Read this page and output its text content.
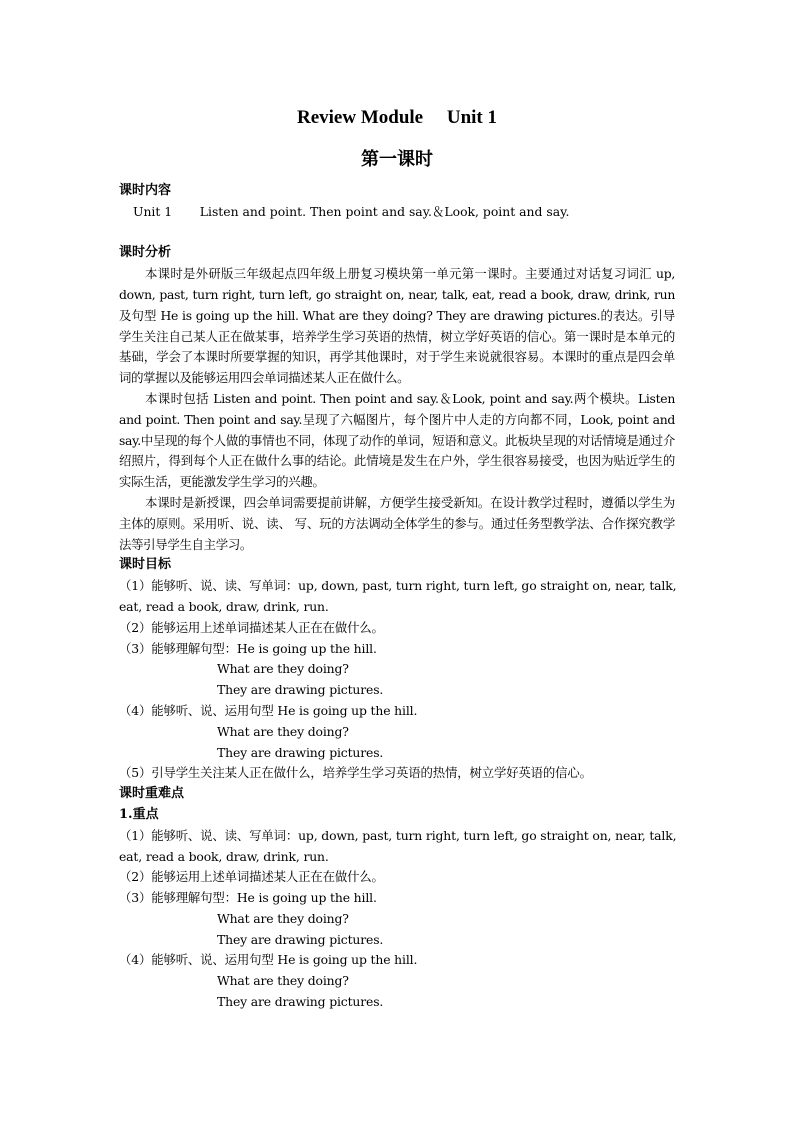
Review Module     Unit 1
第一课时
课时内容
Unit 1       Listen and point. Then point and say.＆Look, point and say.
课时分析
本课时是外研版三年级起点四年级上册复习模块第一单元第一课时。主要通过对话复习词汇 up, down, past, turn right, turn left, go straight on, near, talk, eat, read a book, draw, drink, run及句型 He is going up the hill. What are they doing? They are drawing pictures.的表达。引导学生关注自己某人正在做某事，培养学生学习英语的热情，树立学好英语的信心。第一课时是本单元的基础，学会了本课时所要掌握的知识，再学其他课时，对于学生来说就很容易。本课时的重点是四会单词的掌握以及能够运用四会单词描述某人正在做什么。
本课时包括 Listen and point. Then point and say.＆Look, point and say.两个模块。Listen and point. Then point and say.呈现了六幅图片，每个图片中人走的方向都不同，Look, point and say.中呈现的每个人做的事情也不同，体现了动作的单词，短语和意义。此板块呈现的对话情境是通过介绍照片，得到每个人正在做什么事的结论。此情境是发生在户外，学生很容易接受，也因为贴近学生的实际生活，更能激发学生学习的兴趣。
本课时是新授课，四会单词需要提前讲解，方便学生接受新知。在设计教学过程时，遵循以学生为主体的原则。采用听、说、读、 写、玩的方法调动全体学生的参与。通过任务型教学法、合作探究教学法等引导学生自主学习。
课时目标
（1）能够听、说、读、写单词：up, down, past, turn right, turn left, go straight on, near, talk,
eat, read a book, draw, drink, run.
（2）能够运用上述单词描述某人正在在做什么。
（3）能够理解句型：He is going up the hill.
What are they doing?
They are drawing pictures.
（4）能够听、说、运用句型 He is going up the hill.
What are they doing?
They are drawing pictures.
（5）引导学生关注某人正在做什么，培养学生学习英语的热情，树立学好英语的信心。
课时重难点
1.重点
（1）能够听、说、读、写单词：up, down, past, turn right, turn left, go straight on, near, talk,
eat, read a book, draw, drink, run.
（2）能够运用上述单词描述某人正在在做什么。
（3）能够理解句型：He is going up the hill.
What are they doing?
They are drawing pictures.
（4）能够听、说、运用句型 He is going up the hill.
What are they doing?
They are drawing pictures.
